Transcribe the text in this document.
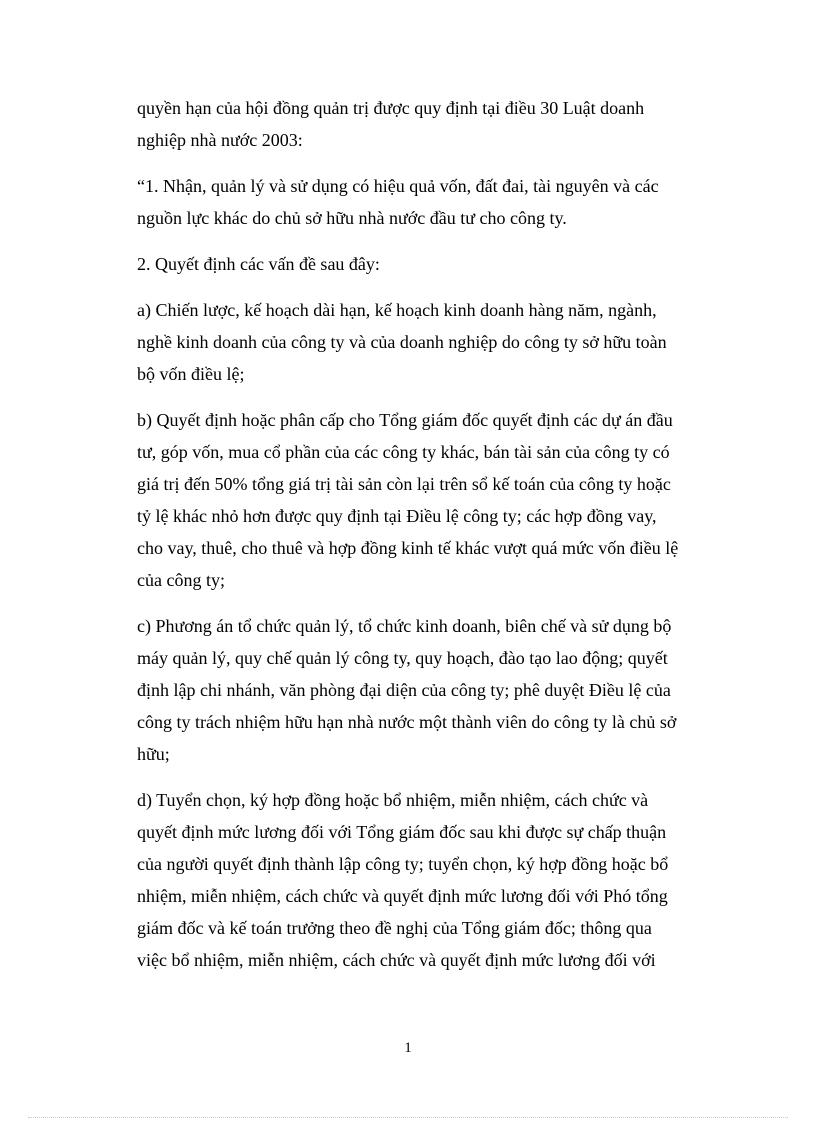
quyền hạn của hội đồng quản trị được quy định tại điều 30 Luật doanh
nghiệp nhà nước 2003:
“1. Nhận, quản lý và sử dụng có hiệu quả vốn, đất đai, tài nguyên và các
nguồn lực khác do chủ sở hữu nhà nước đầu tư cho công ty.
2. Quyết định các vấn đề sau đây:
a) Chiến lược, kế hoạch dài hạn, kế hoạch kinh doanh hàng năm, ngành,
nghề kinh doanh của công ty và của doanh nghiệp do công ty sở hữu toàn
bộ vốn điều lệ;
b) Quyết định hoặc phân cấp cho Tổng giám đốc quyết định các dự án đầu
tư, góp vốn, mua cổ phần của các công ty khác, bán tài sản của công ty có
giá trị đến 50% tổng giá trị tài sản còn lại trên sổ kế toán của công ty hoặc
tỷ lệ khác nhỏ hơn được quy định tại Điều lệ công ty; các hợp đồng vay,
cho vay, thuê, cho thuê và hợp đồng kinh tế khác vượt quá mức vốn điều lệ
của công ty;
c) Phương án tổ chức quản lý, tổ chức kinh doanh, biên chế và sử dụng bộ
máy quản lý, quy chế quản lý công ty, quy hoạch, đào tạo lao động; quyết
định lập chi nhánh, văn phòng đại diện của công ty; phê duyệt Điều lệ của
công ty trách nhiệm hữu hạn nhà nước một thành viên do công ty là chủ sở
hữu;
d) Tuyển chọn, ký hợp đồng hoặc bổ nhiệm, miễn nhiệm, cách chức và
quyết định mức lương đối với Tổng giám đốc sau khi được sự chấp thuận
của người quyết định thành lập công ty; tuyển chọn, ký hợp đồng hoặc bổ
nhiệm, miễn nhiệm, cách chức và quyết định mức lương đối với Phó tổng
giám đốc và kế toán trưởng theo đề nghị của Tổng giám đốc; thông qua
việc bổ nhiệm, miễn nhiệm, cách chức và quyết định mức lương đối với
1
